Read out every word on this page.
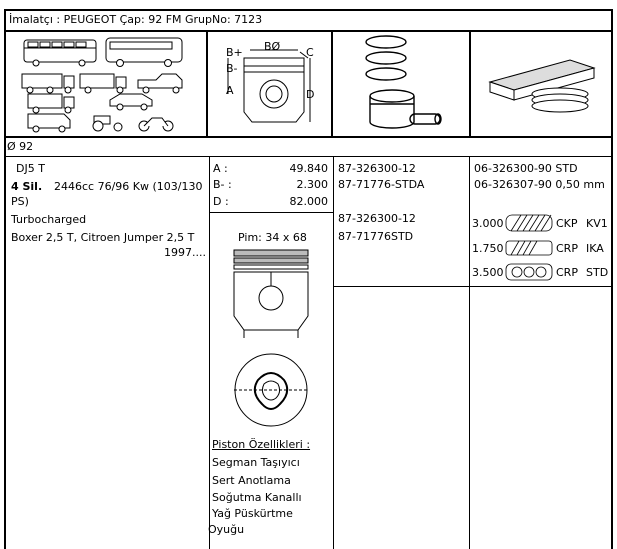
İmalatçı : PEUGEOT Çap: 92 FM GrupNo: 7123
B+ BØ C
B-
A	D
Ø 92
DJ5 T
4 Sil. 2446cc 76/96 Kw (103/130
PS)
Turbocharged
Boxer 2,5 T, Citroen Jumper 2,5 T
1997....
A :	49.840
B- :	2.300
D :	82.000
Pim: 34 x 68
Piston Özellikleri :
Segman Taşıyıcı
Sert Anotlama
Soğutma Kanallı
Yağ Püskürtme
Oyuğu
87-326300-12
87-71776-STDA
87-326300-12
87-71776STD
06-326300-90 STD
06-326307-90 0,50 mm
3.000	CKP KV1
1.750	CRP IKA
3.500	CRP STD
